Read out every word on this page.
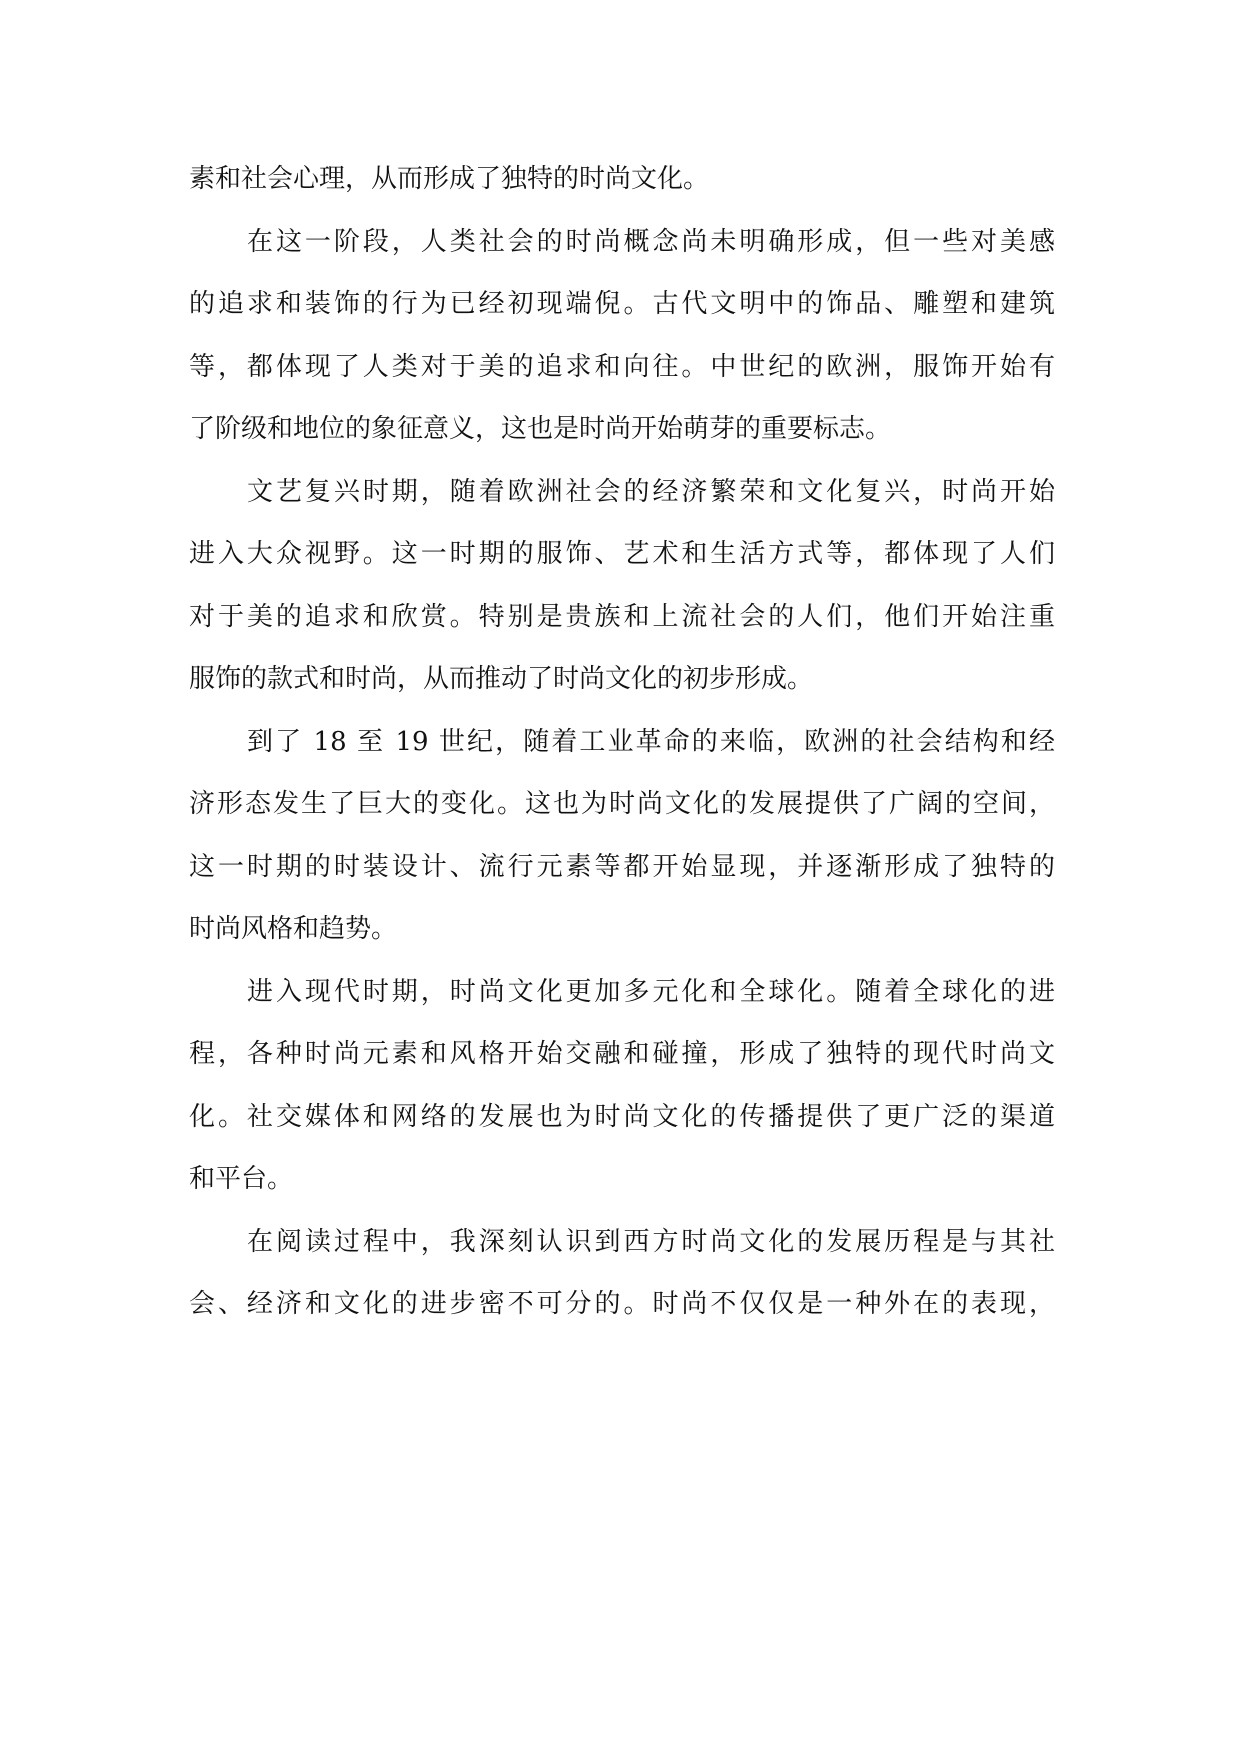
素和社会心理，从而形成了独特的时尚文化。
在这一阶段，人类社会的时尚概念尚未明确形成，但一些对美感
的追求和装饰的行为已经初现端倪。古代文明中的饰品、雕塑和建筑
等，都体现了人类对于美的追求和向往。中世纪的欧洲，服饰开始有
了阶级和地位的象征意义，这也是时尚开始萌芽的重要标志。
文艺复兴时期，随着欧洲社会的经济繁荣和文化复兴，时尚开始
进入大众视野。这一时期的服饰、艺术和生活方式等，都体现了人们
对于美的追求和欣赏。特别是贵族和上流社会的人们，他们开始注重
服饰的款式和时尚，从而推动了时尚文化的初步形成。
到了 18 至 19 世纪，随着工业革命的来临，欧洲的社会结构和经
济形态发生了巨大的变化。这也为时尚文化的发展提供了广阔的空间，
这一时期的时装设计、流行元素等都开始显现，并逐渐形成了独特的
时尚风格和趋势。
进入现代时期，时尚文化更加多元化和全球化。随着全球化的进
程，各种时尚元素和风格开始交融和碰撞，形成了独特的现代时尚文
化。社交媒体和网络的发展也为时尚文化的传播提供了更广泛的渠道
和平台。
在阅读过程中，我深刻认识到西方时尚文化的发展历程是与其社
会、经济和文化的进步密不可分的。时尚不仅仅是一种外在的表现，
